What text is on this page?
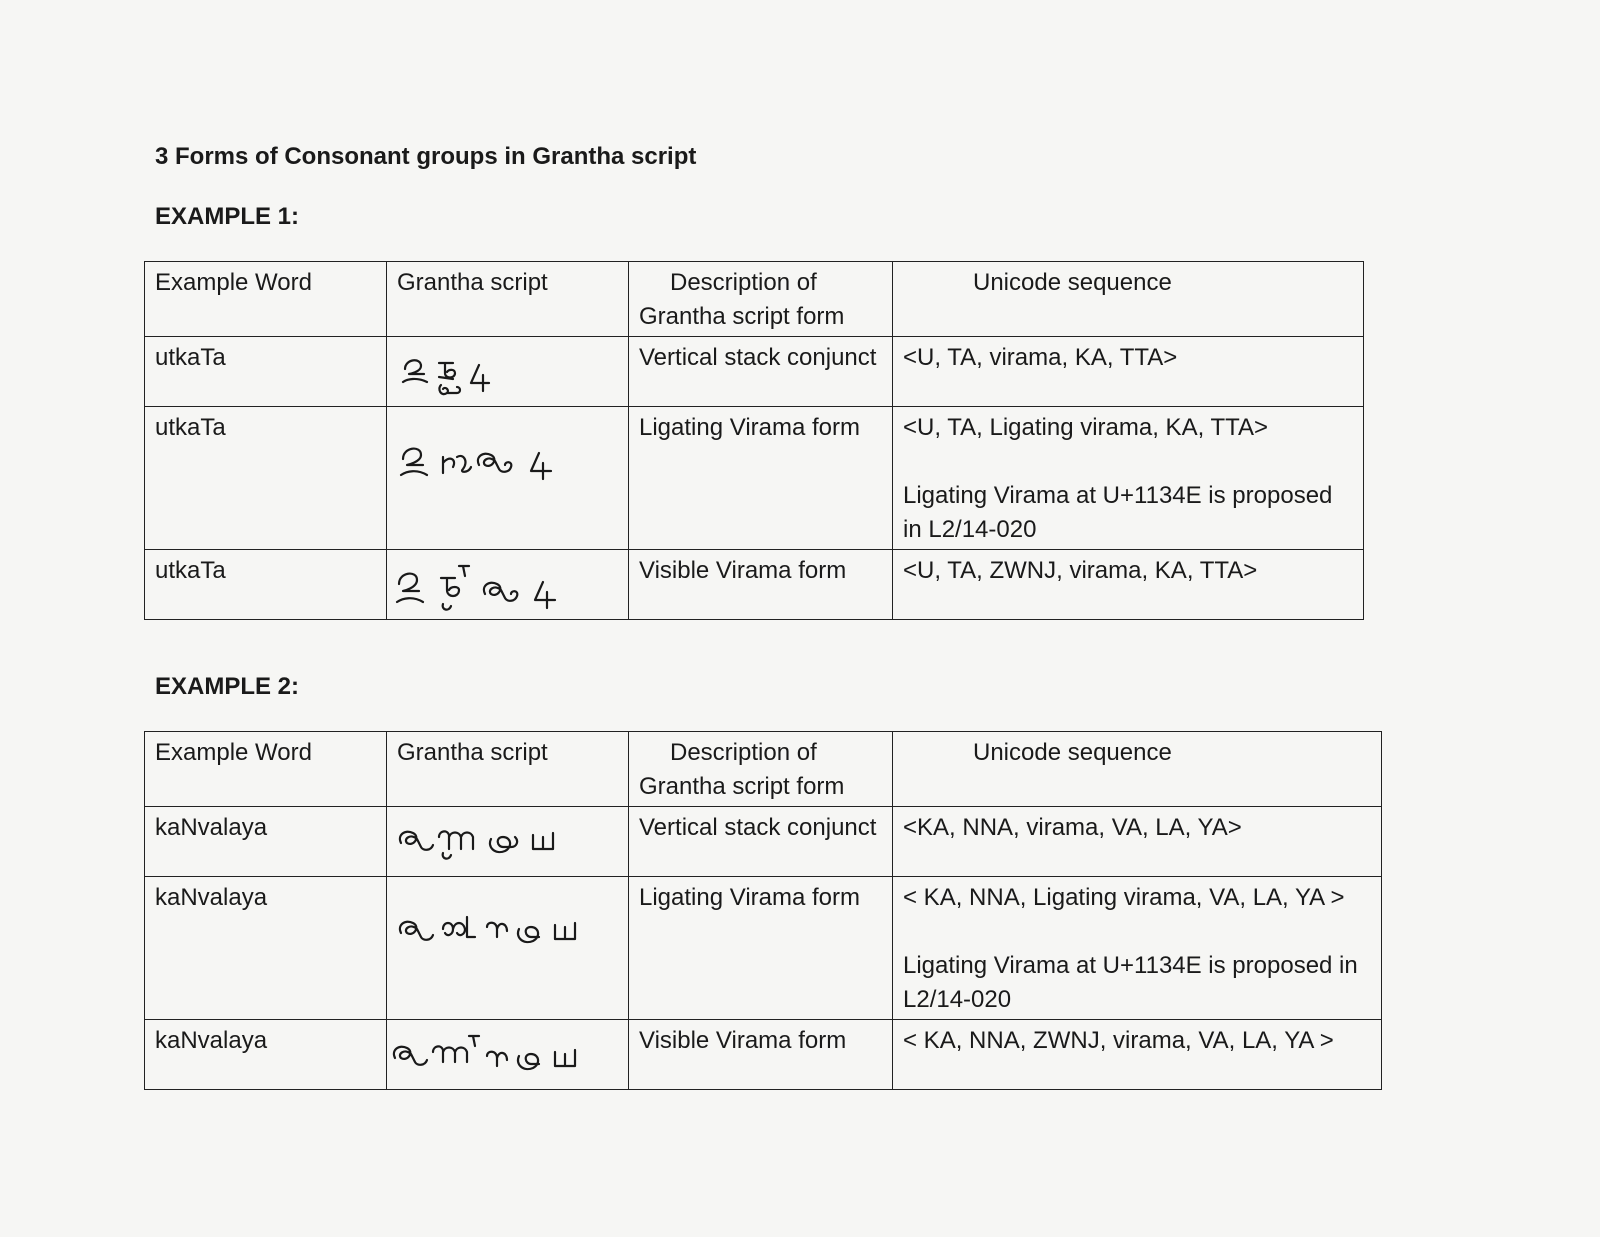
3 Forms of Consonant groups in Grantha script
EXAMPLE 1:
Example Word	Grantha script	Description of Grantha script form	Unicode sequence
utkaTa		Vertical stack conjunct	<U, TA, virama, KA, TTA>
utkaTa		Ligating Virama form	<U, TA, Ligating virama, KA, TTA>
Ligating Virama at U+1134E is proposed in L2/14-020

utkaTa		Visible Virama form	<U, TA, ZWNJ, virama, KA, TTA>
EXAMPLE 2:
Example Word	Grantha script	Description of Grantha script form	Unicode sequence
kaNvalaya		Vertical stack conjunct	<KA, NNA, virama, VA, LA, YA>
kaNvalaya		Ligating Virama form	< KA, NNA, Ligating virama, VA, LA, YA >
Ligating Virama at U+1134E is proposed in L2/14-020

kaNvalaya		Visible Virama form	< KA, NNA, ZWNJ, virama, VA, LA, YA >
